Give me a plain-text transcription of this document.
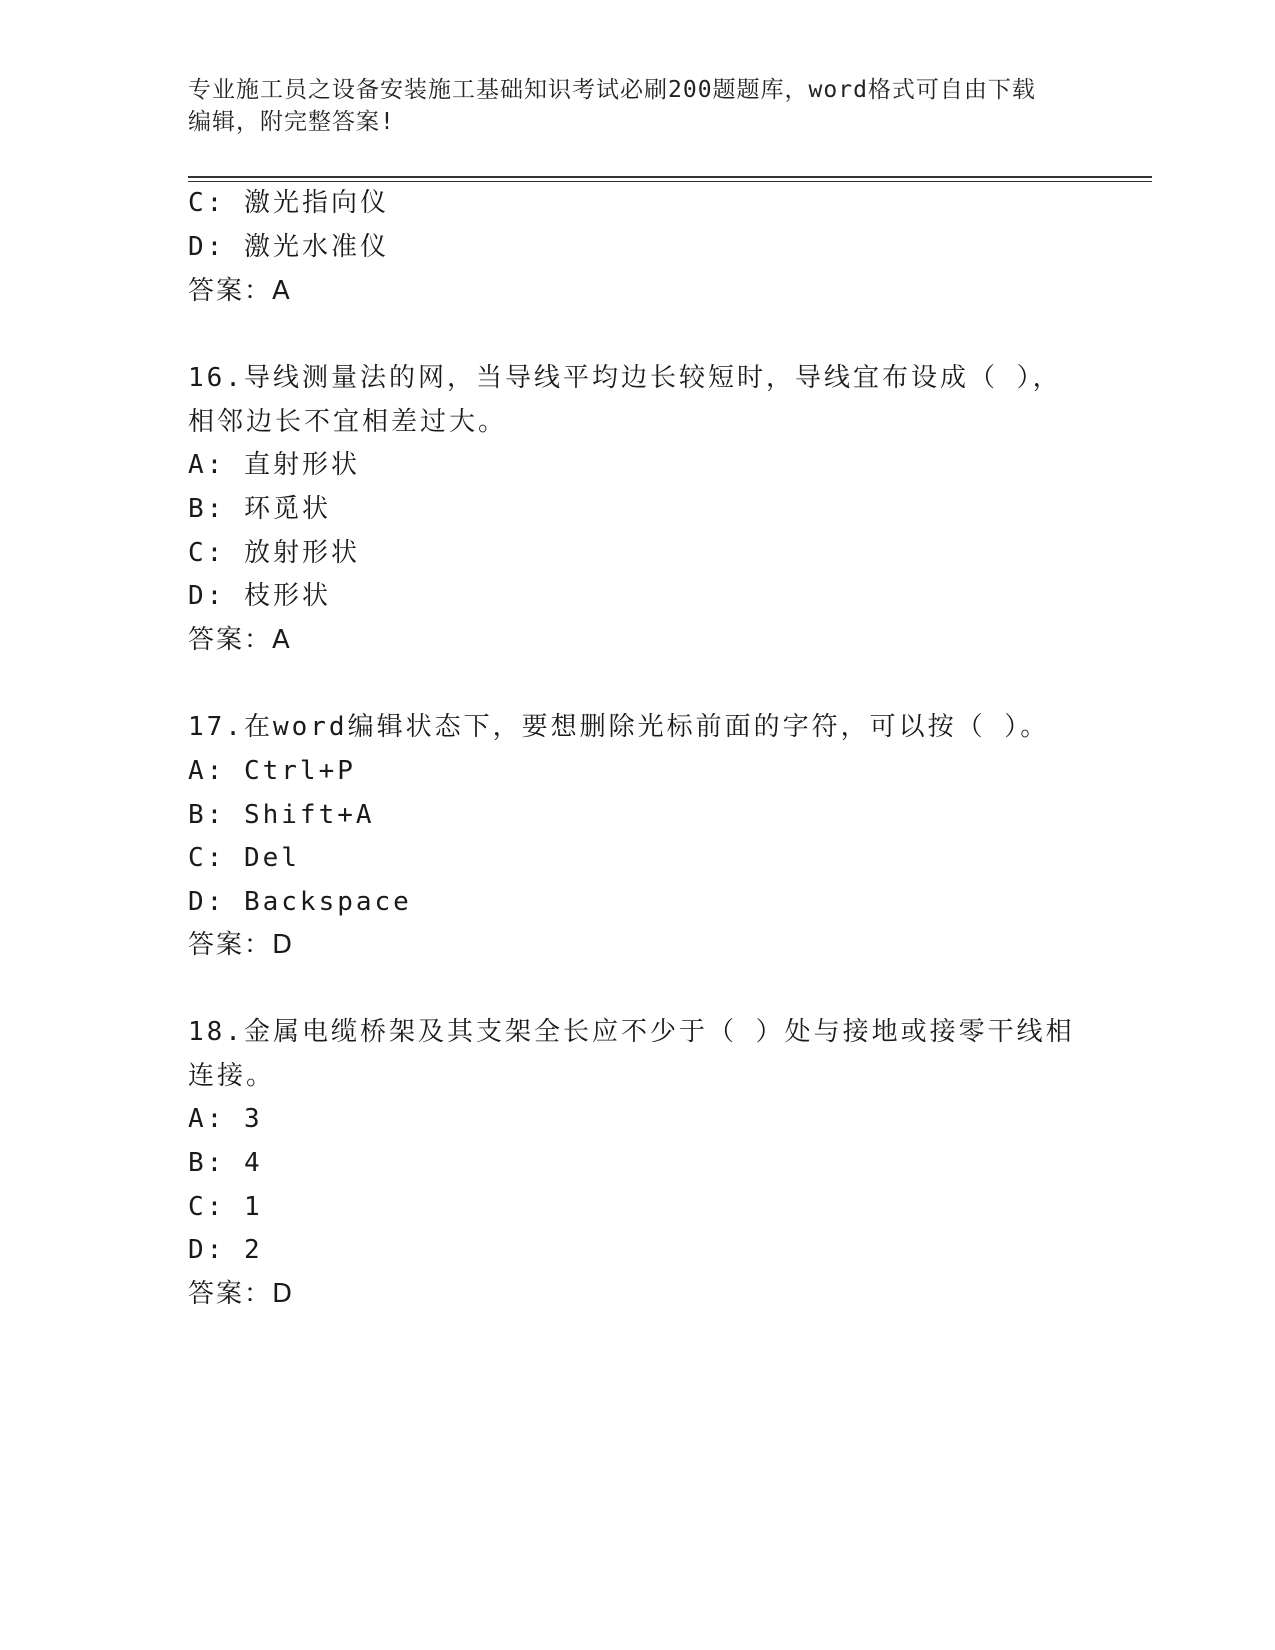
专业施工员之设备安装施工基础知识考试必刷200题题库，word格式可自由下载
编辑，附完整答案!
C: 激光指向仪
D: 激光水准仪
答案：A
16.导线测量法的网，当导线平均边长较短时，导线宜布设成（ ），
相邻边长不宜相差过大。
A: 直射形状
B: 环觅状
C: 放射形状
D: 枝形状
答案：A
17.在word编辑状态下，要想删除光标前面的字符，可以按（ ）。
A: Ctrl+P
B: Shift+A
C: Del
D: Backspace
答案：D
18.金属电缆桥架及其支架全长应不少于（ ）处与接地或接零干线相
连接。
A: 3
B: 4
C: 1
D: 2
答案：D
